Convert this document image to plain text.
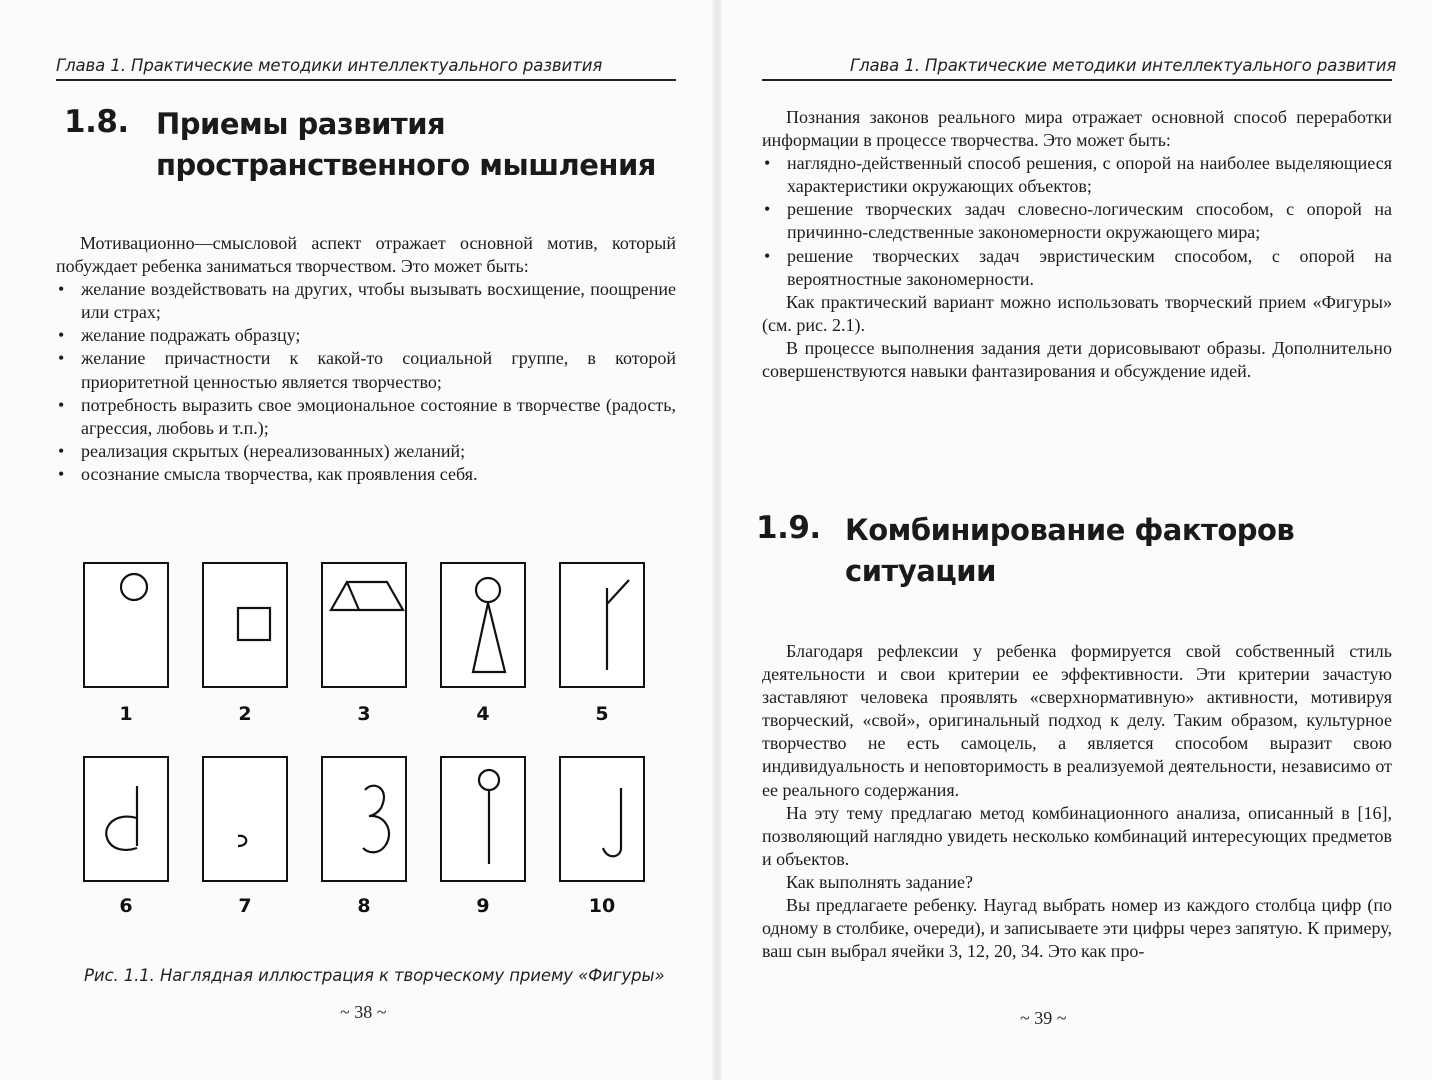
Глава 1. Практические методики интеллектуального развития
1.8. Приемы развития
пространственного мышления

Мотивационно—смысловой аспект отражает основной мотив, который побуждает ребенка заниматься творчеством. Это может быть:

• желание воздействовать на других, чтобы вызывать восхищение, поощрение или страх;
• желание подражать образцу;
• желание причастности к какой-то социальной группе, в которой приоритетной ценностью является творчество;
• потребность выразить свое эмоциональное состояние в творчестве (радость, агрессия, любовь и т.п.);
• реализация скрытых (нереализованных) желаний;
• осознание смысла творчества, как проявления себя.
1	2	3	4	5
6	7	8	9	10
Рис. 1.1. Наглядная иллюстрация к творческому приему «Фигуры»
~ 38 ~
Глава 1. Практические методики интеллектуального развития

Познания законов реального мира отражает основной способ переработки информации в процессе творчества. Это может быть:

• наглядно-действенный способ решения, с опорой на наиболее выделяющиеся характеристики окружающих объектов;
• решение творческих задач словесно-логическим способом, с опорой на причинно-следственные закономерности окружающего мира;
• решение творческих задач эвристическим способом, с опорой на вероятностные закономерности.

Как практический вариант можно использовать творческий прием «Фигуры» (см. рис. 2.1).

В процессе выполнения задания дети дорисовывают образы. Дополнительно совершенствуются навыки фантазирования и обсуждение идей.

1.9. Комбинирование факторов
ситуации

Благодаря рефлексии у ребенка формируется свой собственный стиль деятельности и свои критерии ее эффективности. Эти критерии зачастую заставляют человека проявлять «сверхнормативную» активности, мотивируя творческий, «свой», оригинальный подход к делу. Таким образом, культурное творчество не есть самоцель, а является способом выразит свою индивидуальность и неповторимость в реализуемой деятельности, независимо от ее реального содержания.

На эту тему предлагаю метод комбинационного анализа, описанный в [16], позволяющий наглядно увидеть несколько комбинаций интересующих предметов и объектов.

Как выполнять задание?

Вы предлагаете ребенку. Наугад выбрать номер из каждого столбца цифр (по одному в столбике, очереди), и записываете эти цифры через запятую. К примеру, ваш сын выбрал ячейки 3, 12, 20, 34. Это как про-

~ 39 ~
